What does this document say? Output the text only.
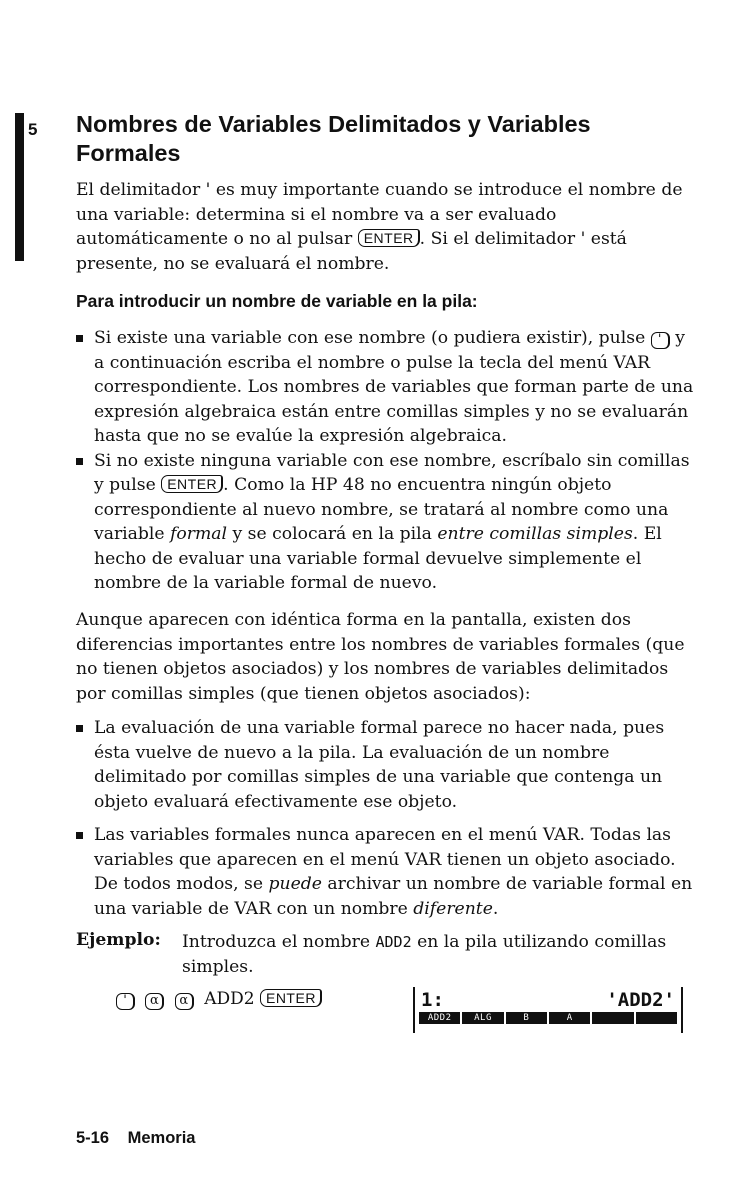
5 Nombres de Variables Delimitados y Variables Formales

El delimitador ' es muy importante cuando se introduce el nombre de una variable: determina si el nombre va a ser evaluado automáticamente o no al pulsar ENTER . Si el delimitador ' está presente, no se evaluará el nombre.

Para introducir un nombre de variable en la pila:
Si existe una variable con ese nombre (o pudiera existir), pulse ' y a continuación escriba el nombre o pulse la tecla del menú VAR correspondiente. Los nombres de variables que forman parte de una expresión algebraica están entre comillas simples y no se evaluarán hasta que no se evalúe la expresión algebraica.
Si no existe ninguna variable con ese nombre, escríbalo sin comillas y pulse ENTER . Como la HP 48 no encuentra ningún objeto correspondiente al nuevo nombre, se tratará al nombre como una variable formal y se colocará en la pila entre comillas simples. El hecho de evaluar una variable formal devuelve simplemente el nombre de la variable formal de nuevo.

Aunque aparecen con idéntica forma en la pantalla, existen dos diferencias importantes entre los nombres de variables formales (que no tienen objetos asociados) y los nombres de variables delimitados por comillas simples (que tienen objetos asociados):

La evaluación de una variable formal parece no hacer nada, pues ésta vuelve de nuevo a la pila. La evaluación de un nombre delimitado por comillas simples de una variable que contenga un objeto evaluará efectivamente ese objeto.
Las variables formales nunca aparecen en el menú VAR. Todas las variables que aparecen en el menú VAR tienen un objeto asociado. De todos modos, se puede archivar un nombre de variable formal en una variable de VAR con un nombre diferente.
Ejemplo: Introduzca el nombre ADD2 en la pila utilizando comillas simples.
' α α ADD2 ENTER	1:	'ADD2'
ADD2	ALG	B	A
5-16 Memoria
